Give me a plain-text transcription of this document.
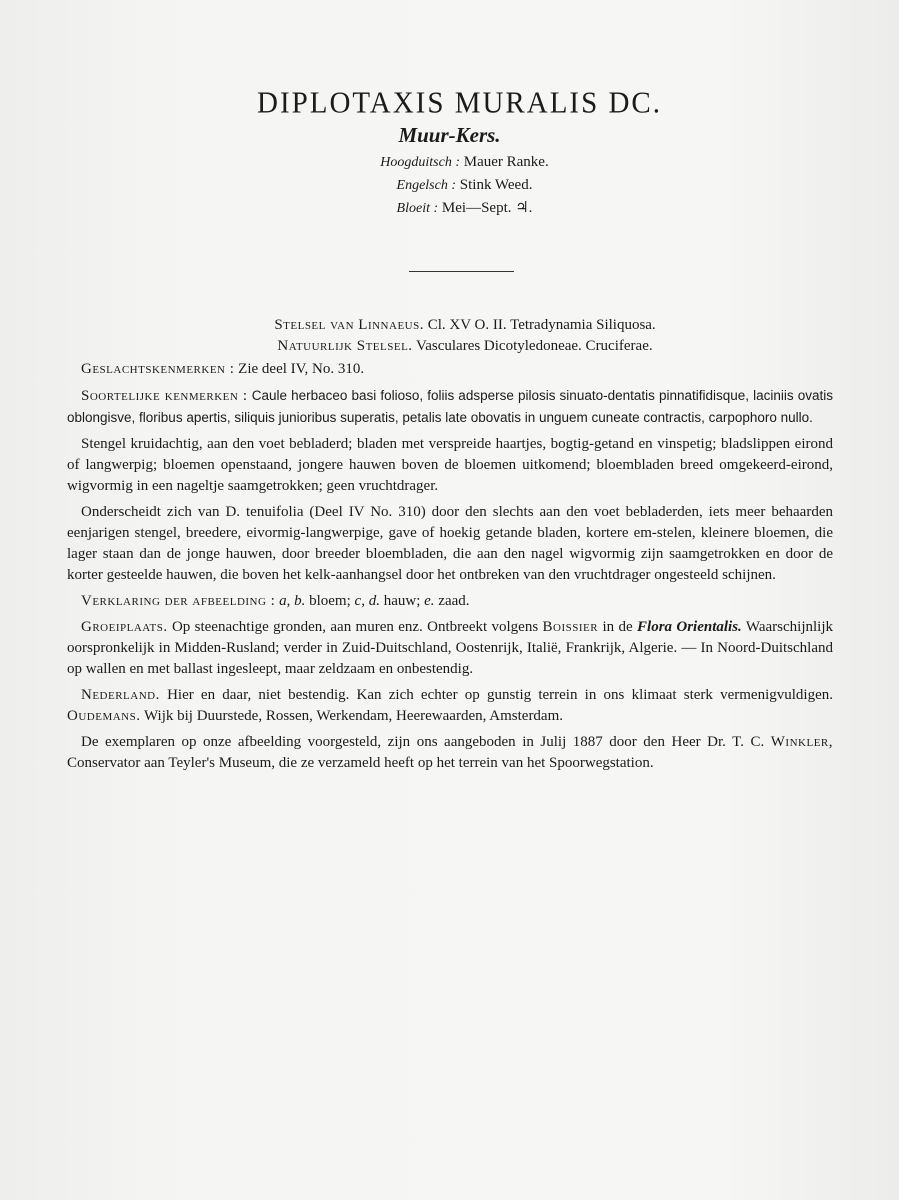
DIPLOTAXIS MURALIS DC.
Muur-Kers.
Hoogduitsch : Mauer Ranke.
Engelsch : Stink Weed.
Bloeit : Mei—Sept. ♃.

Stelsel van Linnaeus. Cl. XV O. II. Tetradynamia Siliquosa.

Natuurlijk Stelsel. Vasculares Dicotyledoneae. Cruciferae.

Geslachtskenmerken : Zie deel IV, No. 310.

Soortelijke kenmerken : Caule herbaceo basi folioso, foliis adsperse pilosis sinuato-dentatis pinnatifidisque, laciniis ovatis oblongisve, floribus apertis, siliquis junioribus superatis, petalis late obovatis in unguem cuneate contractis, carpophoro nullo.

Stengel kruidachtig, aan den voet bebladerd; bladen met verspreide haartjes, bogtig-getand en vinspetig; bladslippen eirond of langwerpig; bloemen openstaand, jongere hauwen boven de bloemen uitkomend; bloembladen breed omgekeerd-eirond, wigvormig in een nageltje saamgetrokken; geen vruchtdrager.

Onderscheidt zich van D. tenuifolia (Deel IV No. 310) door den slechts aan den voet bebladerden, iets meer behaarden eenjarigen stengel, breedere, eivormig-langwerpige, gave of hoekig getande bladen, kortere em-stelen, kleinere bloemen, die lager staan dan de jonge hauwen, door breeder bloembladen, die aan den nagel wigvormig zijn saamgetrokken en door de korter gesteelde hauwen, die boven het kelk-aanhangsel door het ontbreken van den vruchtdrager ongesteeld schijnen.

Verklaring der afbeelding : a, b. bloem; c, d. hauw; e. zaad.

Groeiplaats. Op steenachtige gronden, aan muren enz. Ontbreekt volgens Boissier in de Flora Orientalis. Waarschijnlijk oorspronkelijk in Midden-Rusland; verder in Zuid-Duitschland, Oostenrijk, Italië, Frankrijk, Algerie. — In Noord-Duitschland op wallen en met ballast ingesleept, maar zeldzaam en onbestendig.

Nederland. Hier en daar, niet bestendig. Kan zich echter op gunstig terrein in ons klimaat sterk vermenigvuldigen. Oudemans. Wijk bij Duurstede, Rossen, Werkendam, Heerewaarden, Amsterdam.

De exemplaren op onze afbeelding voorgesteld, zijn ons aangeboden in Julij 1887 door den Heer Dr. T. C. Winkler, Conservator aan Teyler's Museum, die ze verzameld heeft op het terrein van het Spoorwegstation.
